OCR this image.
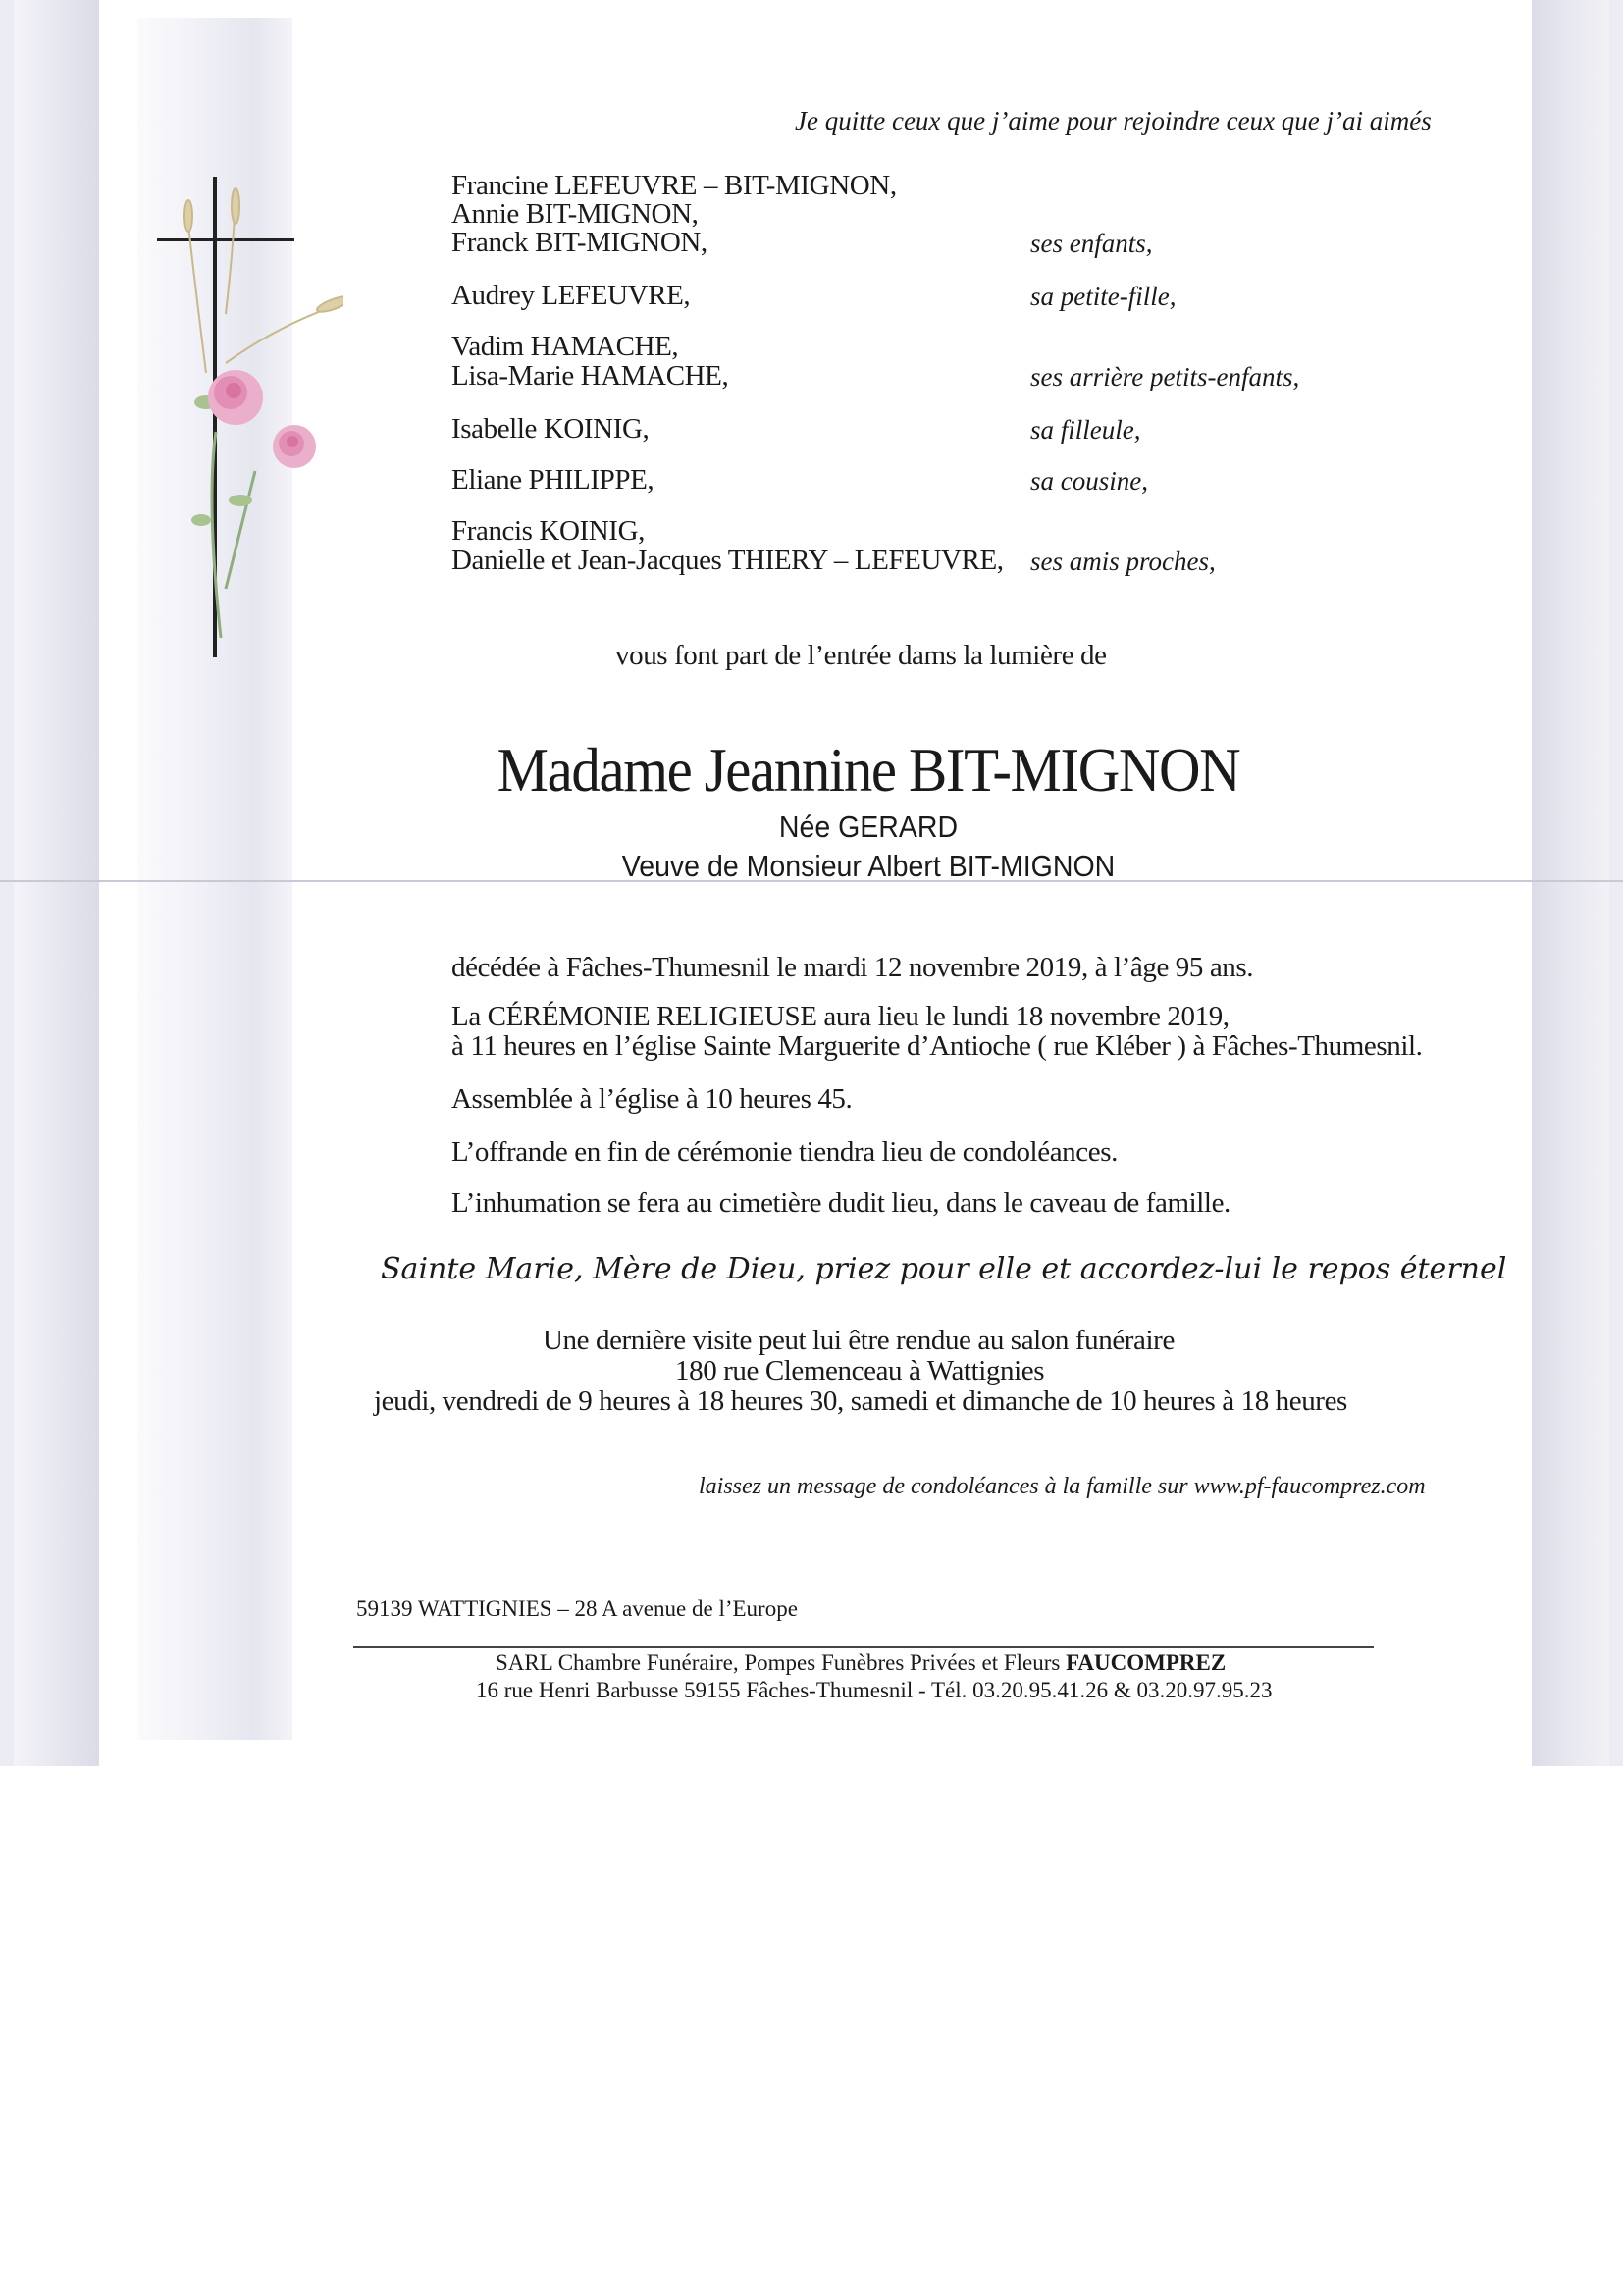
Je quitte ceux que j’aime pour rejoindre ceux que j’ai aimés
Francine LEFEUVRE – BIT-MIGNON,
Annie BIT-MIGNON,
Franck BIT-MIGNON,	ses enfants,
Audrey LEFEUVRE,	sa petite-fille,
Vadim HAMACHE,
Lisa-Marie HAMACHE,	ses arrière petits-enfants,
Isabelle KOINIG,	sa filleule,
Eliane PHILIPPE,	sa cousine,
Francis KOINIG,
Danielle et Jean-Jacques THIERY – LEFEUVRE, ses amis proches,
vous font part de l’entrée dams la lumière de
Madame Jeannine BIT-MIGNON
Née GERARD
Veuve de Monsieur Albert BIT-MIGNON
décédée à Fâches-Thumesnil le mardi 12 novembre 2019, à l’âge 95 ans.
La CÉRÉMONIE RELIGIEUSE aura lieu le lundi 18 novembre 2019,
à 11 heures en l’église Sainte Marguerite d’Antioche ( rue Kléber ) à Fâches-Thumesnil.
Assemblée à l’église à 10 heures 45.
L’offrande en fin de cérémonie tiendra lieu de condoléances.
L’inhumation se fera au cimetière dudit lieu, dans le caveau de famille.
Sainte Marie, Mère de Dieu, priez pour elle et accordez-lui le repos éternel
Une dernière visite peut lui être rendue au salon funéraire
180 rue Clemenceau à Wattignies
jeudi, vendredi de 9 heures à 18 heures 30, samedi et dimanche de 10 heures à 18 heures
laissez un message de condoléances à la famille sur www.pf-faucomprez.com
59139 WATTIGNIES – 28 A avenue de l’Europe
SARL Chambre Funéraire, Pompes Funèbres Privées et Fleurs FAUCOMPREZ
16 rue Henri Barbusse 59155 Fâches-Thumesnil - Tél. 03.20.95.41.26 & 03.20.97.95.23
